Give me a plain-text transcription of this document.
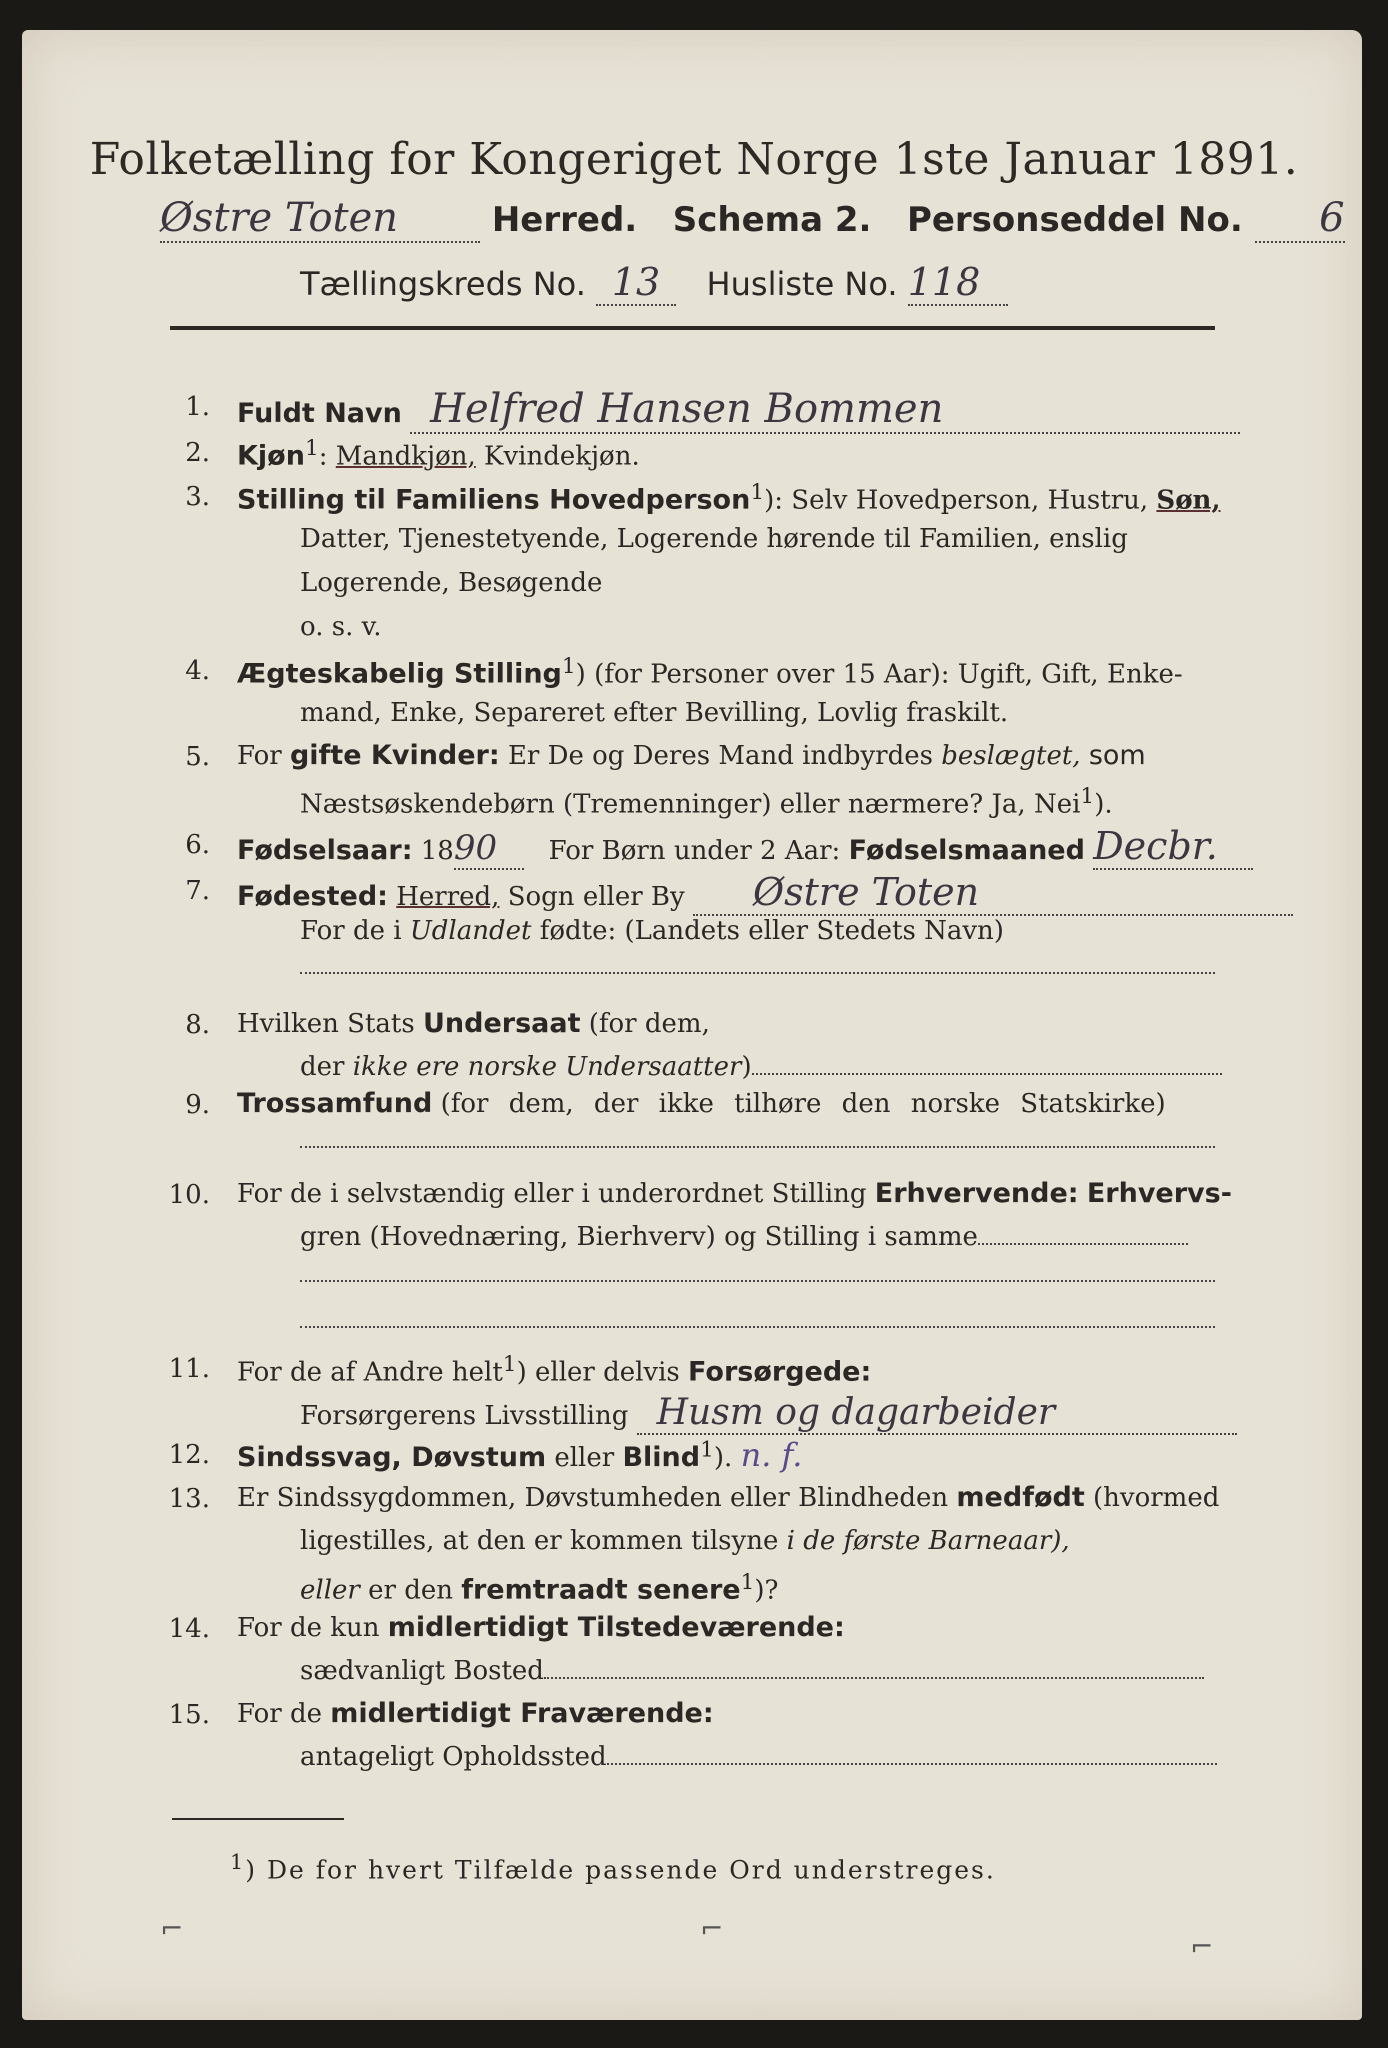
Folketælling for Kongeriget Norge 1ste Januar 1891.
Østre Toten	Herred. Schema 2. Personseddel No. 6
Tællingskreds No. 13 Husliste No. 118
1. Fuldt Navn Helfred Hansen Bommen
2. Kjøn$^1$: Mandkjøn, Kvindekjøn.
3. Stilling til Familiens Hovedperson$^1$): Selv Hovedperson, Hustru, Søn,
Datter, Tjenestetyende, Logerende hørende til Familien, enslig
Logerende, Besøgende
o. s. v.
4. Ægteskabelig Stilling$^1$) (for Personer over 15 Aar): Ugift, Gift, Enke-
mand, Enke, Separeret efter Bevilling, Lovlig fraskilt.
5. For gifte Kvinder: Er De og Deres Mand indbyrdes beslægtet, som
Næstsøskendebørn (Tremenninger) eller nærmere? Ja, Nei$^1$).
6. Fødselsaar: 1890 For Børn under 2 Aar: Fødselsmaaned Decbr.
7. Fødested: Herred, Sogn eller By Østre Toten
For de i Udlandet fødte: (Landets eller Stedets Navn)
8. Hvilken Stats Undersaat (for dem,
der ikke ere norske Undersaatter)
9. Trossamfund (for dem, der ikke tilhøre den norske Statskirke)
10. For de i selvstændig eller i underordnet Stilling Erhvervende: Erhvervs-
gren (Hovednæring, Bierhverv) og Stilling i samme
11. For de af Andre helt$^1$) eller delvis Forsørgede:
Forsørgerens Livsstilling Husm og dagarbeider
12. Sindssvag, Døvstum eller Blind$^1$). n. f.
13. Er Sindssygdommen, Døvstumheden eller Blindheden medfødt (hvormed
ligestilles, at den er kommen tilsyne i de første Barneaar),
eller er den fremtraadt senere$^1$)?
14. For de kun midlertidigt Tilstedeværende:
sædvanligt Bosted
15. For de midlertidigt Fraværende:
antageligt Opholdssted
$^1$) De for hvert Tilfælde passende Ord understreges.
⌐	⌐
⌐
